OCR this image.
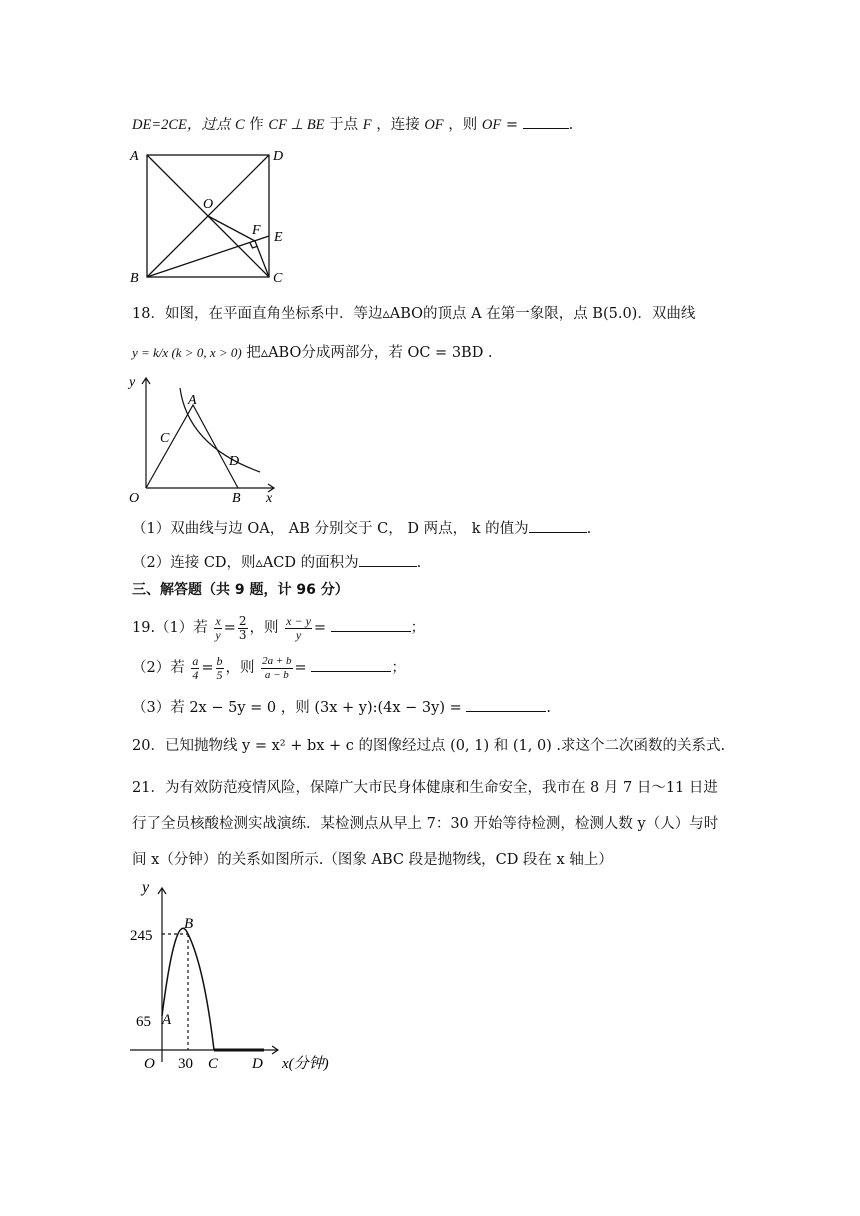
DE=2CE，过点 C 作 CF ⊥ BE 于点 F ，连接 OF ，则 OF =	.
A	D
O
F E
B	C
18．如图，在平面直角坐标系中．等边▵ABO的顶点 A 在第一象限，点 B(5.0)．双曲线
y = k/x (k > 0, x > 0) 把▵ABO分成两部分，若 OC = 3BD .
y
A
C
D
O	B x
（1）双曲线与边 OA， AB 分别交于 C， D 两点， k 的值为	.
（2）连接 CD，则▵ACD 的面积为	.
三、解答题（共 9 题，计 96 分）
19.（1）若 $\frac{x}{y} = \frac{2}{3}$ ，则 $\frac{x - y}{y}$ =	；
（2）若 $\frac{a}{4} = \frac{b}{5}$ ，则 $\frac{2a + b}{a - b}$ =	；
（3）若 2x − 5y = 0 ，则 (3x + y):(4x − 3y) =	.
20．已知抛物线 y = x² + bx + c 的图像经过点 (0, 1) 和 (1, 0) .求这个二次函数的关系式.
21．为有效防范疫情风险，保障广大市民身体健康和生命安全，我市在 8 月 7 日～11 日进
行了全员核酸检测实战演练．某检测点从早上 7：30 开始等待检测，检测人数 y（人）与时
间 x（分钟）的关系如图所示.（图象 ABC 段是抛物线，CD 段在 x 轴上）
y
245
B
65 A
O 30 C D x(分钟)
